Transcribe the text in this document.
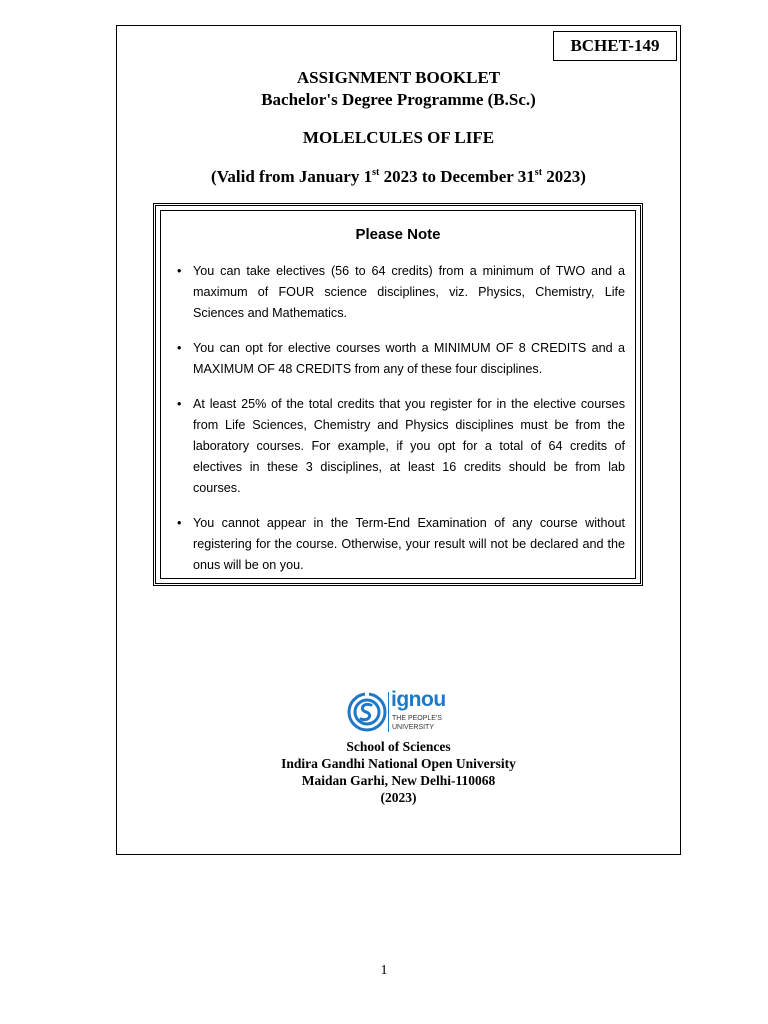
BCHET-149
ASSIGNMENT BOOKLET
Bachelor's Degree Programme (B.Sc.)
MOLELCULES OF LIFE
(Valid from January 1st 2023 to December 31st 2023)
Please Note
• You can take electives (56 to 64 credits) from a minimum of TWO and a maximum of FOUR science disciplines, viz. Physics, Chemistry, Life Sciences and Mathematics.
• You can opt for elective courses worth a MINIMUM OF 8 CREDITS and a MAXIMUM OF 48 CREDITS from any of these four disciplines.
• At least 25% of the total credits that you register for in the elective courses from Life Sciences, Chemistry and Physics disciplines must be from the laboratory courses. For example, if you opt for a total of 64 credits of electives in these 3 disciplines, at least 16 credits should be from lab courses.
• You cannot appear in the Term-End Examination of any course without registering for the course. Otherwise, your result will not be declared and the onus will be on you.
ignou
THE PEOPLE'S
UNIVERSITY
School of Sciences
Indira Gandhi National Open University
Maidan Garhi, New Delhi-110068
(2023)
1
